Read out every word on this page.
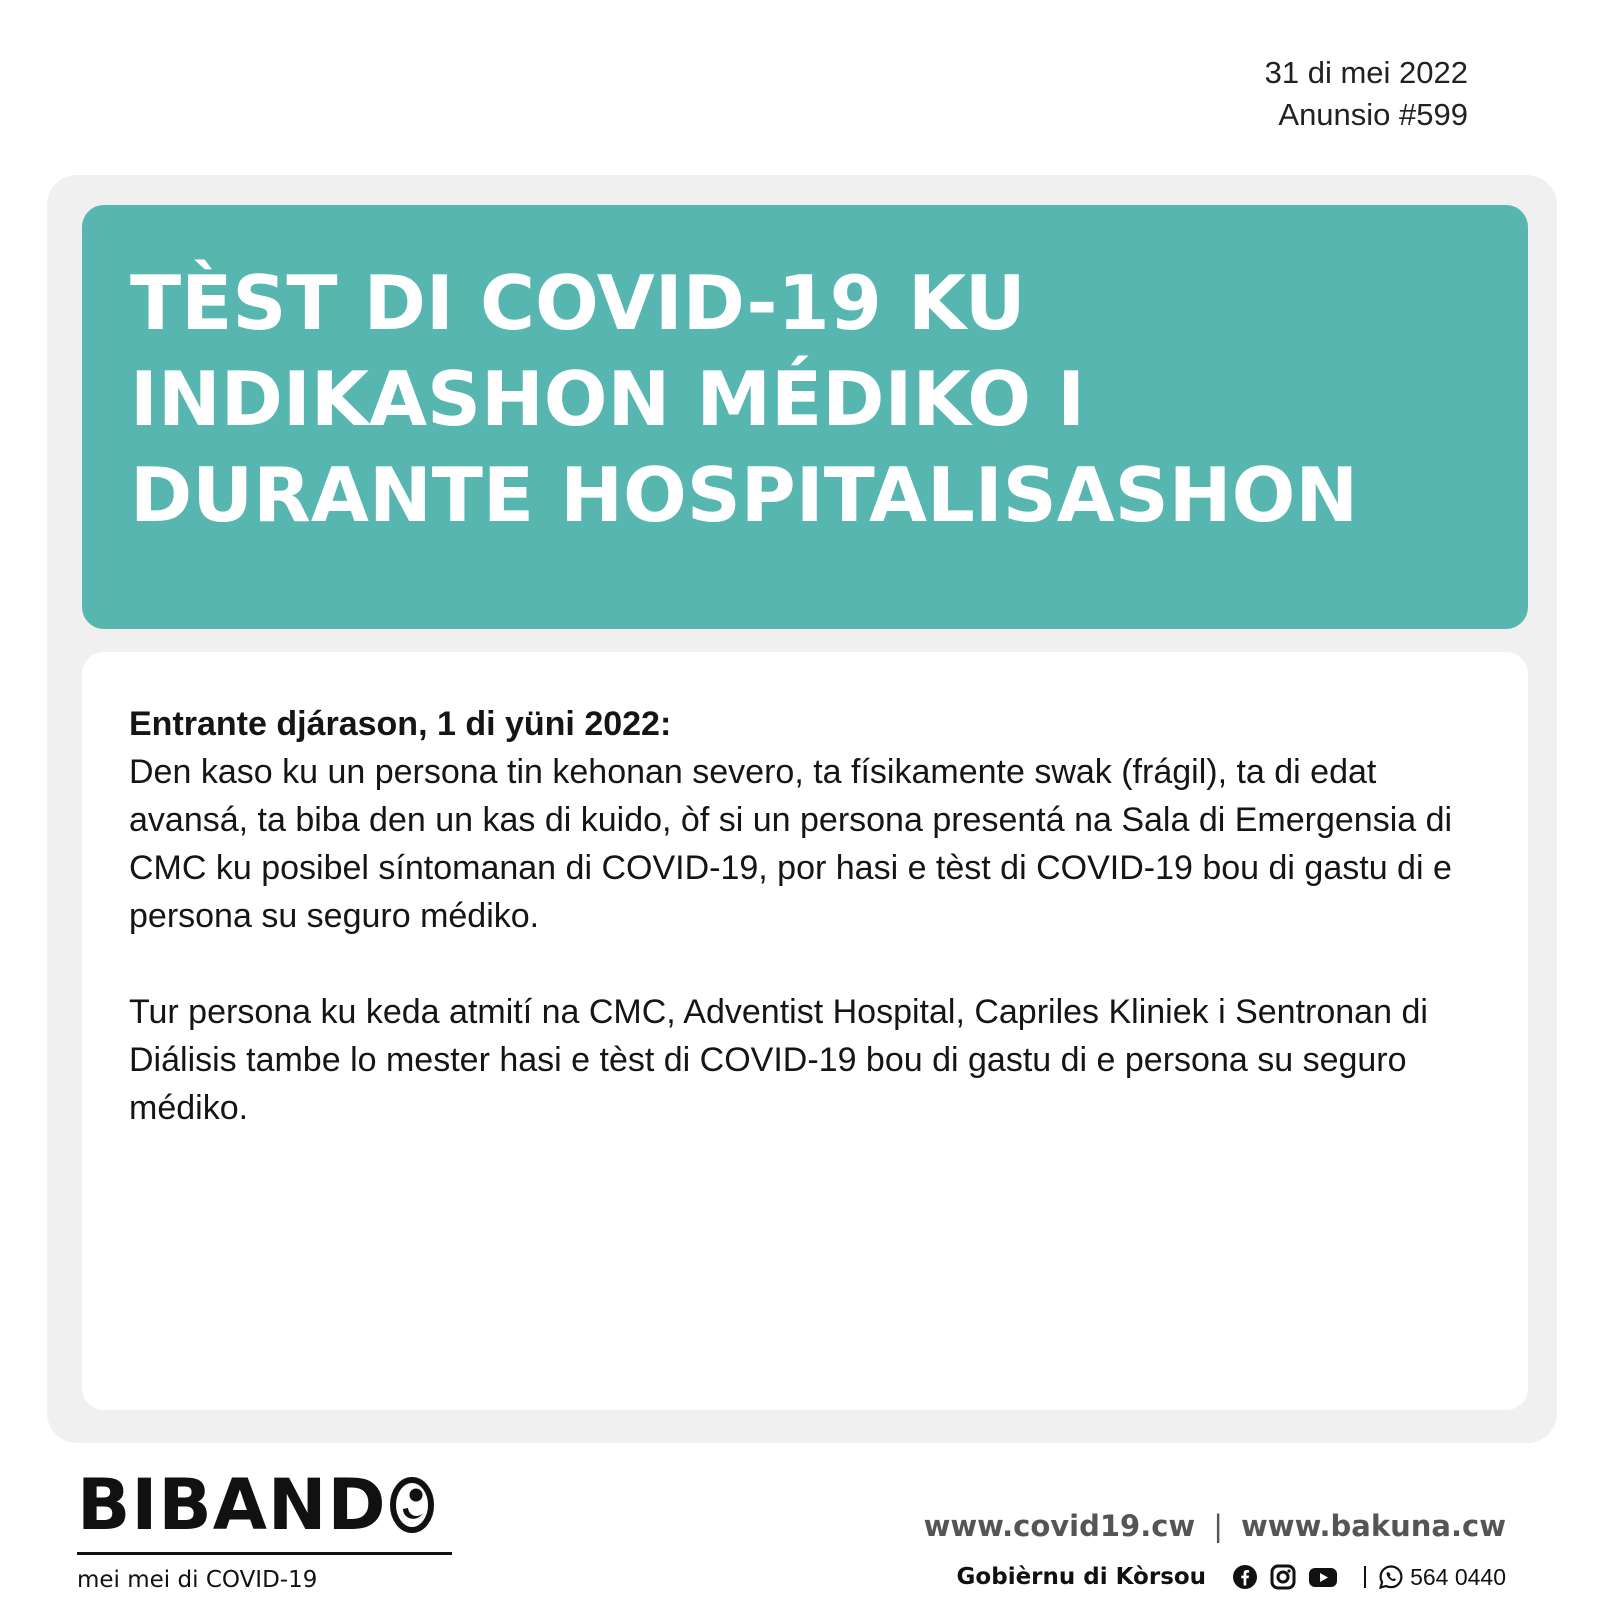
31 di mei 2022
Anunsio #599
TÈST DI COVID-19 KU
INDIKASHON MÉDIKO I
DURANTE HOSPITALISASHON

Entrante djárason, 1 di yüni 2022:

Den kaso ku un persona tin kehonan severo, ta físikamente swak (frágil), ta di edat avansá, ta biba den un kas di kuido, òf si un persona presentá na Sala di Emergensia di CMC ku posibel síntomanan di COVID-19, por hasi e tèst di COVID-19 bou di gastu di e persona su seguro médiko.

Tur persona ku keda atmití na CMC, Adventist Hospital, Capriles Kliniek i Sentronan di Diálisis tambe lo mester hasi e tèst di COVID-19 bou di gastu di e persona su seguro médiko.

BIBAND
mei mei di COVID-19
www.covid19.cw | www.bakuna.cw
Gobièrnu di Kòrsou	564 0440
